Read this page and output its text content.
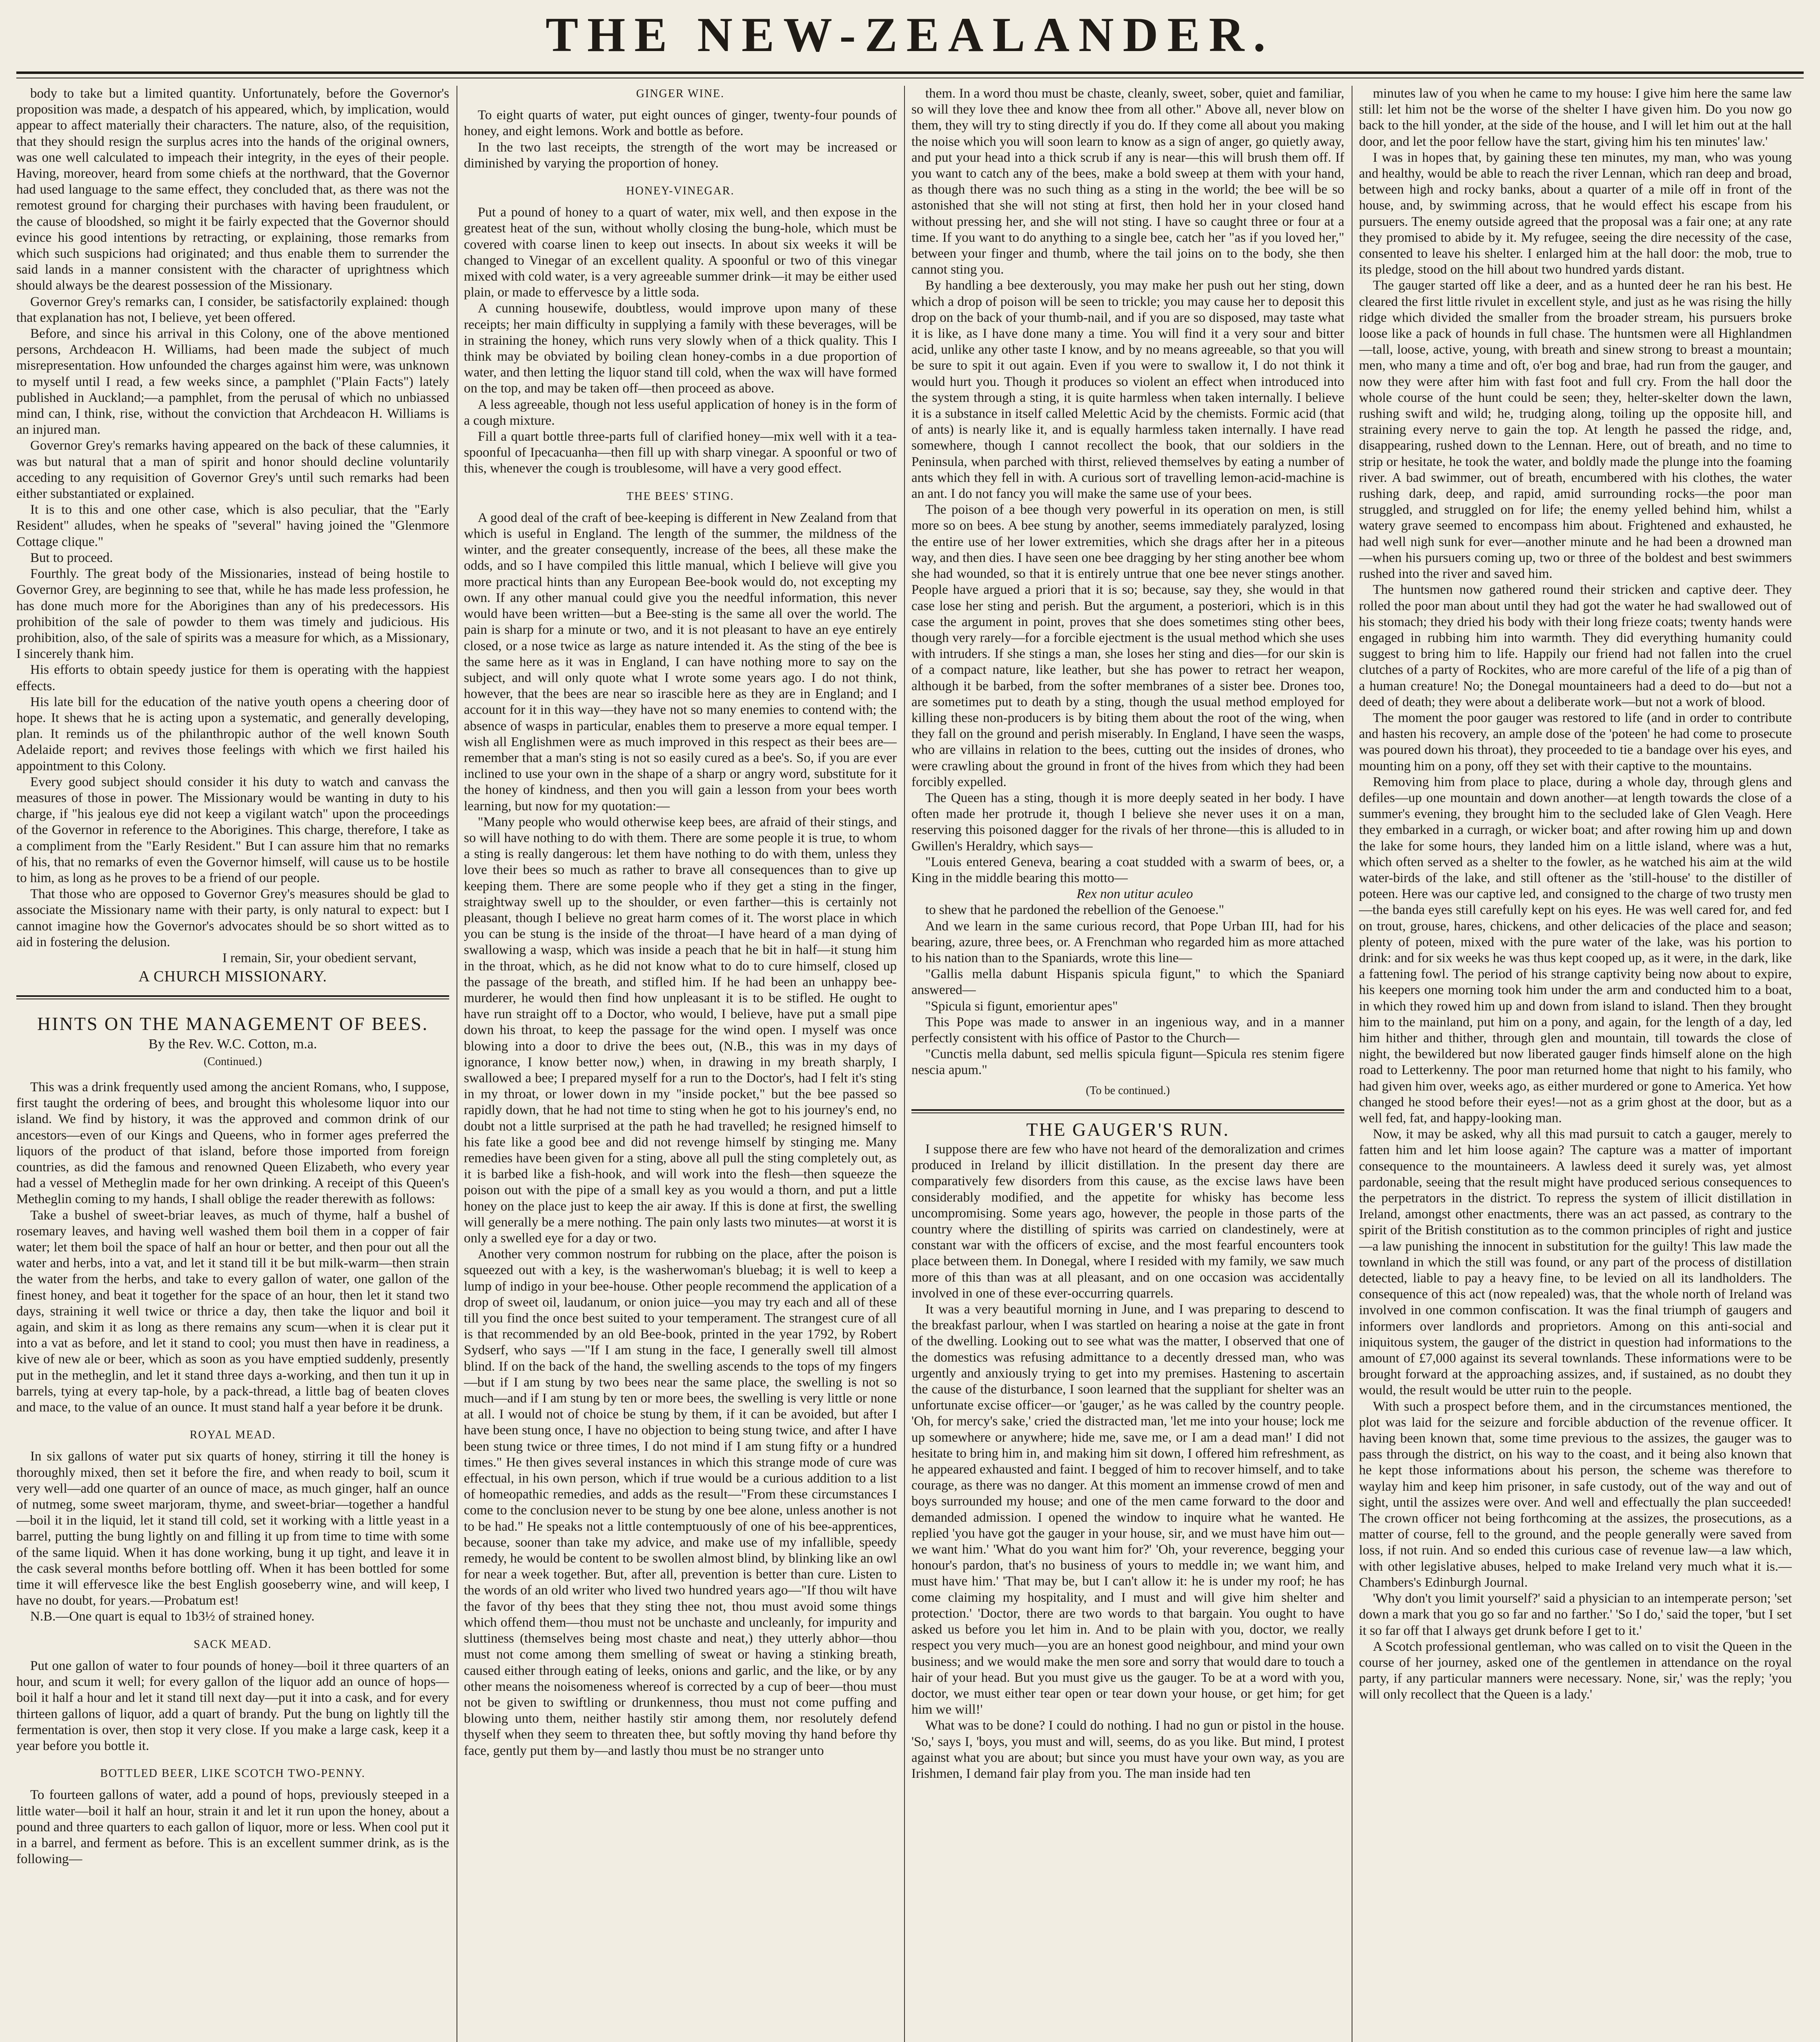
THE NEW-ZEALANDER.

body to take but a limited quantity. Unfortunately, before the Governor's proposition was made, a despatch of his appeared, which, by implication, would appear to affect materially their characters. The nature, also, of the requisition, that they should resign the surplus acres into the hands of the original owners, was one well calculated to impeach their integrity, in the eyes of their people. Having, moreover, heard from some chiefs at the northward, that the Governor had used language to the same effect, they concluded that, as there was not the remotest ground for charging their purchases with having been fraudulent, or the cause of bloodshed, so might it be fairly expected that the Governor should evince his good intentions by retracting, or explaining, those remarks from which such suspicions had originated; and thus enable them to surrender the said lands in a manner consistent with the character of uprightness which should always be the dearest possession of the Missionary.

Governor Grey's remarks can, I consider, be satisfactorily explained: though that explanation has not, I believe, yet been offered.

Before, and since his arrival in this Colony, one of the above mentioned persons, Archdeacon H. Williams, had been made the subject of much misrepresentation. How unfounded the charges against him were, was unknown to myself until I read, a few weeks since, a pamphlet ("Plain Facts") lately published in Auckland;—a pamphlet, from the perusal of which no unbiassed mind can, I think, rise, without the conviction that Archdeacon H. Williams is an injured man.

Governor Grey's remarks having appeared on the back of these calumnies, it was but natural that a man of spirit and honor should decline voluntarily acceding to any requisition of Governor Grey's until such remarks had been either substantiated or explained.

It is to this and one other case, which is also peculiar, that the "Early Resident" alludes, when he speaks of "several" having joined the "Glenmore Cottage clique."

But to proceed.

Fourthly. The great body of the Missionaries, instead of being hostile to Governor Grey, are beginning to see that, while he has made less profession, he has done much more for the Aborigines than any of his predecessors. His prohibition of the sale of powder to them was timely and judicious. His prohibition, also, of the sale of spirits was a measure for which, as a Missionary, I sincerely thank him.

His efforts to obtain speedy justice for them is operating with the happiest effects.

His late bill for the education of the native youth opens a cheering door of hope. It shews that he is acting upon a systematic, and generally developing, plan. It reminds us of the philanthropic author of the well known South Adelaide report; and revives those feelings with which we first hailed his appointment to this Colony.

Every good subject should consider it his duty to watch and canvass the measures of those in power. The Missionary would be wanting in duty to his charge, if "his jealous eye did not keep a vigilant watch" upon the proceedings of the Governor in reference to the Aborigines. This charge, therefore, I take as a compliment from the "Early Resident." But I can assure him that no remarks of his, that no remarks of even the Governor himself, will cause us to be hostile to him, as long as he proves to be a friend of our people.

That those who are opposed to Governor Grey's measures should be glad to associate the Missionary name with their party, is only natural to expect: but I cannot imagine how the Governor's advocates should be so short witted as to aid in fostering the delusion.

I remain, Sir, your obedient servant,

A CHURCH MISSIONARY.
HINTS ON THE MANAGEMENT OF BEES.
By the Rev. W.C. Cotton, m.a.
(Continued.)

This was a drink frequently used among the ancient Romans, who, I suppose, first taught the ordering of bees, and brought this wholesome liquor into our island. We find by history, it was the approved and common drink of our ancestors—even of our Kings and Queens, who in former ages preferred the liquors of the product of that island, before those imported from foreign countries, as did the famous and renowned Queen Elizabeth, who every year had a vessel of Metheglin made for her own drinking. A receipt of this Queen's Metheglin coming to my hands, I shall oblige the reader therewith as follows:

Take a bushel of sweet-briar leaves, as much of thyme, half a bushel of rosemary leaves, and having well washed them boil them in a copper of fair water; let them boil the space of half an hour or better, and then pour out all the water and herbs, into a vat, and let it stand till it be but milk-warm—then strain the water from the herbs, and take to every gallon of water, one gallon of the finest honey, and beat it together for the space of an hour, then let it stand two days, straining it well twice or thrice a day, then take the liquor and boil it again, and skim it as long as there remains any scum—when it is clear put it into a vat as before, and let it stand to cool; you must then have in readiness, a kive of new ale or beer, which as soon as you have emptied suddenly, presently put in the metheglin, and let it stand three days a-working, and then tun it up in barrels, tying at every tap-hole, by a pack-thread, a little bag of beaten cloves and mace, to the value of an ounce. It must stand half a year before it be drunk.

ROYAL MEAD.

In six gallons of water put six quarts of honey, stirring it till the honey is thoroughly mixed, then set it before the fire, and when ready to boil, scum it very well—add one quarter of an ounce of mace, as much ginger, half an ounce of nutmeg, some sweet marjoram, thyme, and sweet-briar—together a handful—boil it in the liquid, let it stand till cold, set it working with a little yeast in a barrel, putting the bung lightly on and filling it up from time to time with some of the same liquid. When it has done working, bung it up tight, and leave it in the cask several months before bottling off. When it has been bottled for some time it will effervesce like the best English gooseberry wine, and will keep, I have no doubt, for years.—Probatum est!

N.B.—One quart is equal to 1b3½ of strained honey.

SACK MEAD.

Put one gallon of water to four pounds of honey—boil it three quarters of an hour, and scum it well; for every gallon of the liquor add an ounce of hops—boil it half a hour and let it stand till next day—put it into a cask, and for every thirteen gallons of liquor, add a quart of brandy. Put the bung on lightly till the fermentation is over, then stop it very close. If you make a large cask, keep it a year before you bottle it.

BOTTLED BEER, LIKE SCOTCH TWO-PENNY.

To fourteen gallons of water, add a pound of hops, previously steeped in a little water—boil it half an hour, strain it and let it run upon the honey, about a pound and three quarters to each gallon of liquor, more or less. When cool put it in a barrel, and ferment as before. This is an excellent summer drink, as is the following—

GINGER WINE.

To eight quarts of water, put eight ounces of ginger, twenty-four pounds of honey, and eight lemons. Work and bottle as before.

In the two last receipts, the strength of the wort may be increased or diminished by varying the proportion of honey.

HONEY-VINEGAR.

Put a pound of honey to a quart of water, mix well, and then expose in the greatest heat of the sun, without wholly closing the bung-hole, which must be covered with coarse linen to keep out insects. In about six weeks it will be changed to Vinegar of an excellent quality. A spoonful or two of this vinegar mixed with cold water, is a very agreeable summer drink—it may be either used plain, or made to effervesce by a little soda.

A cunning housewife, doubtless, would improve upon many of these receipts; her main difficulty in supplying a family with these beverages, will be in straining the honey, which runs very slowly when of a thick quality. This I think may be obviated by boiling clean honey-combs in a due proportion of water, and then letting the liquor stand till cold, when the wax will have formed on the top, and may be taken off—then proceed as above.

A less agreeable, though not less useful application of honey is in the form of a cough mixture.

Fill a quart bottle three-parts full of clarified honey—mix well with it a tea-spoonful of Ipecacuanha—then fill up with sharp vinegar. A spoonful or two of this, whenever the cough is troublesome, will have a very good effect.

THE BEES' STING.

A good deal of the craft of bee-keeping is different in New Zealand from that which is useful in England. The length of the summer, the mildness of the winter, and the greater consequently, increase of the bees, all these make the odds, and so I have compiled this little manual, which I believe will give you more practical hints than any European Bee-book would do, not excepting my own. If any other manual could give you the needful information, this never would have been written—but a Bee-sting is the same all over the world. The pain is sharp for a minute or two, and it is not pleasant to have an eye entirely closed, or a nose twice as large as nature intended it. As the sting of the bee is the same here as it was in England, I can have nothing more to say on the subject, and will only quote what I wrote some years ago. I do not think, however, that the bees are near so irascible here as they are in England; and I account for it in this way—they have not so many enemies to contend with; the absence of wasps in particular, enables them to preserve a more equal temper. I wish all Englishmen were as much improved in this respect as their bees are—remember that a man's sting is not so easily cured as a bee's. So, if you are ever inclined to use your own in the shape of a sharp or angry word, substitute for it the honey of kindness, and then you will gain a lesson from your bees worth learning, but now for my quotation:—

"Many people who would otherwise keep bees, are afraid of their stings, and so will have nothing to do with them. There are some people it is true, to whom a sting is really dangerous: let them have nothing to do with them, unless they love their bees so much as rather to brave all consequences than to give up keeping them. There are some people who if they get a sting in the finger, straightway swell up to the shoulder, or even farther—this is certainly not pleasant, though I believe no great harm comes of it. The worst place in which you can be stung is the inside of the throat—I have heard of a man dying of swallowing a wasp, which was inside a peach that he bit in half—it stung him in the throat, which, as he did not know what to do to cure himself, closed up the passage of the breath, and stifled him. If he had been an unhappy bee-murderer, he would then find how unpleasant it is to be stifled. He ought to have run straight off to a Doctor, who would, I believe, have put a small pipe down his throat, to keep the passage for the wind open. I myself was once blowing into a door to drive the bees out, (N.B., this was in my days of ignorance, I know better now,) when, in drawing in my breath sharply, I swallowed a bee; I prepared myself for a run to the Doctor's, had I felt it's sting in my throat, or lower down in my "inside pocket," but the bee passed so rapidly down, that he had not time to sting when he got to his journey's end, no doubt not a little surprised at the path he had travelled; he resigned himself to his fate like a good bee and did not revenge himself by stinging me. Many remedies have been given for a sting, above all pull the sting completely out, as it is barbed like a fish-hook, and will work into the flesh—then squeeze the poison out with the pipe of a small key as you would a thorn, and put a little honey on the place just to keep the air away. If this is done at first, the swelling will generally be a mere nothing. The pain only lasts two minutes—at worst it is only a swelled eye for a day or two.

Another very common nostrum for rubbing on the place, after the poison is squeezed out with a key, is the washerwoman's bluebag; it is well to keep a lump of indigo in your bee-house. Other people recommend the application of a drop of sweet oil, laudanum, or onion juice—you may try each and all of these till you find the once best suited to your temperament. The strangest cure of all is that recommended by an old Bee-book, printed in the year 1792, by Robert Sydserf, who says —"If I am stung in the face, I generally swell till almost blind. If on the back of the hand, the swelling ascends to the tops of my fingers—but if I am stung by two bees near the same place, the swelling is not so much—and if I am stung by ten or more bees, the swelling is very little or none at all. I would not of choice be stung by them, if it can be avoided, but after I have been stung once, I have no objection to being stung twice, and after I have been stung twice or three times, I do not mind if I am stung fifty or a hundred times." He then gives several instances in which this strange mode of cure was effectual, in his own person, which if true would be a curious addition to a list of homeopathic remedies, and adds as the result—"From these circumstances I come to the conclusion never to be stung by one bee alone, unless another is not to be had." He speaks not a little contemptuously of one of his bee-apprentices, because, sooner than take my advice, and make use of my infallible, speedy remedy, he would be content to be swollen almost blind, by blinking like an owl for near a week together. But, after all, prevention is better than cure. Listen to the words of an old writer who lived two hundred years ago—"If thou wilt have the favor of thy bees that they sting thee not, thou must avoid some things which offend them—thou must not be unchaste and uncleanly, for impurity and sluttiness (themselves being most chaste and neat,) they utterly abhor—thou must not come among them smelling of sweat or having a stinking breath, caused either through eating of leeks, onions and garlic, and the like, or by any other means the noisomeness whereof is corrected by a cup of beer—thou must not be given to swiftling or drunkenness, thou must not come puffing and blowing unto them, neither hastily stir among them, nor resolutely defend thyself when they seem to threaten thee, but softly moving thy hand before thy face, gently put them by—and lastly thou must be no stranger unto

them. In a word thou must be chaste, cleanly, sweet, sober, quiet and familiar, so will they love thee and know thee from all other." Above all, never blow on them, they will try to sting directly if you do. If they come all about you making the noise which you will soon learn to know as a sign of anger, go quietly away, and put your head into a thick scrub if any is near—this will brush them off. If you want to catch any of the bees, make a bold sweep at them with your hand, as though there was no such thing as a sting in the world; the bee will be so astonished that she will not sting at first, then hold her in your closed hand without pressing her, and she will not sting. I have so caught three or four at a time. If you want to do anything to a single bee, catch her "as if you loved her," between your finger and thumb, where the tail joins on to the body, she then cannot sting you.

By handling a bee dexterously, you may make her push out her sting, down which a drop of poison will be seen to trickle; you may cause her to deposit this drop on the back of your thumb-nail, and if you are so disposed, may taste what it is like, as I have done many a time. You will find it a very sour and bitter acid, unlike any other taste I know, and by no means agreeable, so that you will be sure to spit it out again. Even if you were to swallow it, I do not think it would hurt you. Though it produces so violent an effect when introduced into the system through a sting, it is quite harmless when taken internally. I believe it is a substance in itself called Melettic Acid by the chemists. Formic acid (that of ants) is nearly like it, and is equally harmless taken internally. I have read somewhere, though I cannot recollect the book, that our soldiers in the Peninsula, when parched with thirst, relieved themselves by eating a number of ants which they fell in with. A curious sort of travelling lemon-acid-machine is an ant. I do not fancy you will make the same use of your bees.

The poison of a bee though very powerful in its operation on men, is still more so on bees. A bee stung by another, seems immediately paralyzed, losing the entire use of her lower extremities, which she drags after her in a piteous way, and then dies. I have seen one bee dragging by her sting another bee whom she had wounded, so that it is entirely untrue that one bee never stings another. People have argued a priori that it is so; because, say they, she would in that case lose her sting and perish. But the argument, a posteriori, which is in this case the argument in point, proves that she does sometimes sting other bees, though very rarely—for a forcible ejectment is the usual method which she uses with intruders. If she stings a man, she loses her sting and dies—for our skin is of a compact nature, like leather, but she has power to retract her weapon, although it be barbed, from the softer membranes of a sister bee. Drones too, are sometimes put to death by a sting, though the usual method employed for killing these non-producers is by biting them about the root of the wing, when they fall on the ground and perish miserably. In England, I have seen the wasps, who are villains in relation to the bees, cutting out the insides of drones, who were crawling about the ground in front of the hives from which they had been forcibly expelled.

The Queen has a sting, though it is more deeply seated in her body. I have often made her protrude it, though I believe she never uses it on a man, reserving this poisoned dagger for the rivals of her throne—this is alluded to in Gwillen's Heraldry, which says—

"Louis entered Geneva, bearing a coat studded with a swarm of bees, or, a King in the middle bearing this motto—

Rex non utitur aculeo

to shew that he pardoned the rebellion of the Genoese."

And we learn in the same curious record, that Pope Urban III, had for his bearing, azure, three bees, or. A Frenchman who regarded him as more attached to his nation than to the Spaniards, wrote this line—

"Gallis mella dabunt Hispanis spicula figunt," to which the Spaniard answered—

"Spicula si figunt, emorientur apes"

This Pope was made to answer in an ingenious way, and in a manner perfectly consistent with his office of Pastor to the Church—

"Cunctis mella dabunt, sed mellis spicula figunt—Spicula res stenim figere nescia apum."

(To be continued.)
THE GAUGER'S RUN.

I suppose there are few who have not heard of the demoralization and crimes produced in Ireland by illicit distillation. In the present day there are comparatively few disorders from this cause, as the excise laws have been considerably modified, and the appetite for whisky has become less uncompromising. Some years ago, however, the people in those parts of the country where the distilling of spirits was carried on clandestinely, were at constant war with the officers of excise, and the most fearful encounters took place between them. In Donegal, where I resided with my family, we saw much more of this than was at all pleasant, and on one occasion was accidentally involved in one of these ever-occurring quarrels.

It was a very beautiful morning in June, and I was preparing to descend to the breakfast parlour, when I was startled on hearing a noise at the gate in front of the dwelling. Looking out to see what was the matter, I observed that one of the domestics was refusing admittance to a decently dressed man, who was urgently and anxiously trying to get into my premises. Hastening to ascertain the cause of the disturbance, I soon learned that the suppliant for shelter was an unfortunate excise officer—or 'gauger,' as he was called by the country people. 'Oh, for mercy's sake,' cried the distracted man, 'let me into your house; lock me up somewhere or anywhere; hide me, save me, or I am a dead man!' I did not hesitate to bring him in, and making him sit down, I offered him refreshment, as he appeared exhausted and faint. I begged of him to recover himself, and to take courage, as there was no danger. At this moment an immense crowd of men and boys surrounded my house; and one of the men came forward to the door and demanded admission. I opened the window to inquire what he wanted. He replied 'you have got the gauger in your house, sir, and we must have him out—we want him.' 'What do you want him for?' 'Oh, your reverence, begging your honour's pardon, that's no business of yours to meddle in; we want him, and must have him.' 'That may be, but I can't allow it: he is under my roof; he has come claiming my hospitality, and I must and will give him shelter and protection.' 'Doctor, there are two words to that bargain. You ought to have asked us before you let him in. And to be plain with you, doctor, we really respect you very much—you are an honest good neighbour, and mind your own business; and we would make the men sore and sorry that would dare to touch a hair of your head. But you must give us the gauger. To be at a word with you, doctor, we must either tear open or tear down your house, or get him; for get him we will!'

What was to be done? I could do nothing. I had no gun or pistol in the house. 'So,' says I, 'boys, you must and will, seems, do as you like. But mind, I protest against what you are about; but since you must have your own way, as you are Irishmen, I demand fair play from you. The man inside had ten

minutes law of you when he came to my house: I give him here the same law still: let him not be the worse of the shelter I have given him. Do you now go back to the hill yonder, at the side of the house, and I will let him out at the hall door, and let the poor fellow have the start, giving him his ten minutes' law.'

I was in hopes that, by gaining these ten minutes, my man, who was young and healthy, would be able to reach the river Lennan, which ran deep and broad, between high and rocky banks, about a quarter of a mile off in front of the house, and, by swimming across, that he would effect his escape from his pursuers. The enemy outside agreed that the proposal was a fair one; at any rate they promised to abide by it. My refugee, seeing the dire necessity of the case, consented to leave his shelter. I enlarged him at the hall door: the mob, true to its pledge, stood on the hill about two hundred yards distant.

The gauger started off like a deer, and as a hunted deer he ran his best. He cleared the first little rivulet in excellent style, and just as he was rising the hilly ridge which divided the smaller from the broader stream, his pursuers broke loose like a pack of hounds in full chase. The huntsmen were all Highlandmen—tall, loose, active, young, with breath and sinew strong to breast a mountain; men, who many a time and oft, o'er bog and brae, had run from the gauger, and now they were after him with fast foot and full cry. From the hall door the whole course of the hunt could be seen; they, helter-skelter down the lawn, rushing swift and wild; he, trudging along, toiling up the opposite hill, and straining every nerve to gain the top. At length he passed the ridge, and, disappearing, rushed down to the Lennan. Here, out of breath, and no time to strip or hesitate, he took the water, and boldly made the plunge into the foaming river. A bad swimmer, out of breath, encumbered with his clothes, the water rushing dark, deep, and rapid, amid surrounding rocks—the poor man struggled, and struggled on for life; the enemy yelled behind him, whilst a watery grave seemed to encompass him about. Frightened and exhausted, he had well nigh sunk for ever—another minute and he had been a drowned man—when his pursuers coming up, two or three of the boldest and best swimmers rushed into the river and saved him.

The huntsmen now gathered round their stricken and captive deer. They rolled the poor man about until they had got the water he had swallowed out of his stomach; they dried his body with their long frieze coats; twenty hands were engaged in rubbing him into warmth. They did everything humanity could suggest to bring him to life. Happily our friend had not fallen into the cruel clutches of a party of Rockites, who are more careful of the life of a pig than of a human creature! No; the Donegal mountaineers had a deed to do—but not a deed of death; they were about a deliberate work—but not a work of blood.

The moment the poor gauger was restored to life (and in order to contribute and hasten his recovery, an ample dose of the 'poteen' he had come to prosecute was poured down his throat), they proceeded to tie a bandage over his eyes, and mounting him on a pony, off they set with their captive to the mountains.

Removing him from place to place, during a whole day, through glens and defiles—up one mountain and down another—at length towards the close of a summer's evening, they brought him to the secluded lake of Glen Veagh. Here they embarked in a curragh, or wicker boat; and after rowing him up and down the lake for some hours, they landed him on a little island, where was a hut, which often served as a shelter to the fowler, as he watched his aim at the wild water-birds of the lake, and still oftener as the 'still-house' to the distiller of poteen. Here was our captive led, and consigned to the charge of two trusty men—the banda eyes still carefully kept on his eyes. He was well cared for, and fed on trout, grouse, hares, chickens, and other delicacies of the place and season; plenty of poteen, mixed with the pure water of the lake, was his portion to drink: and for six weeks he was thus kept cooped up, as it were, in the dark, like a fattening fowl. The period of his strange captivity being now about to expire, his keepers one morning took him under the arm and conducted him to a boat, in which they rowed him up and down from island to island. Then they brought him to the mainland, put him on a pony, and again, for the length of a day, led him hither and thither, through glen and mountain, till towards the close of night, the bewildered but now liberated gauger finds himself alone on the high road to Letterkenny. The poor man returned home that night to his family, who had given him over, weeks ago, as either murdered or gone to America. Yet how changed he stood before their eyes!—not as a grim ghost at the door, but as a well fed, fat, and happy-looking man.

Now, it may be asked, why all this mad pursuit to catch a gauger, merely to fatten him and let him loose again? The capture was a matter of important consequence to the mountaineers. A lawless deed it surely was, yet almost pardonable, seeing that the result might have produced serious consequences to the perpetrators in the district. To repress the system of illicit distillation in Ireland, amongst other enactments, there was an act passed, as contrary to the spirit of the British constitution as to the common principles of right and justice—a law punishing the innocent in substitution for the guilty! This law made the townland in which the still was found, or any part of the process of distillation detected, liable to pay a heavy fine, to be levied on all its landholders. The consequence of this act (now repealed) was, that the whole north of Ireland was involved in one common confiscation. It was the final triumph of gaugers and informers over landlords and proprietors. Among on this anti-social and iniquitous system, the gauger of the district in question had informations to the amount of £7,000 against its several townlands. These informations were to be brought forward at the approaching assizes, and, if sustained, as no doubt they would, the result would be utter ruin to the people.

With such a prospect before them, and in the circumstances mentioned, the plot was laid for the seizure and forcible abduction of the revenue officer. It having been known that, some time previous to the assizes, the gauger was to pass through the district, on his way to the coast, and it being also known that he kept those informations about his person, the scheme was therefore to waylay him and keep him prisoner, in safe custody, out of the way and out of sight, until the assizes were over. And well and effectually the plan succeeded! The crown officer not being forthcoming at the assizes, the prosecutions, as a matter of course, fell to the ground, and the people generally were saved from loss, if not ruin. And so ended this curious case of revenue law—a law which, with other legislative abuses, helped to make Ireland very much what it is.—Chambers's Edinburgh Journal.

'Why don't you limit yourself?' said a physician to an intemperate person; 'set down a mark that you go so far and no farther.' 'So I do,' said the toper, 'but I set it so far off that I always get drunk before I get to it.'

A Scotch professional gentleman, who was called on to visit the Queen in the course of her journey, asked one of the gentlemen in attendance on the royal party, if any particular manners were necessary. None, sir,' was the reply; 'you will only recollect that the Queen is a lady.'
